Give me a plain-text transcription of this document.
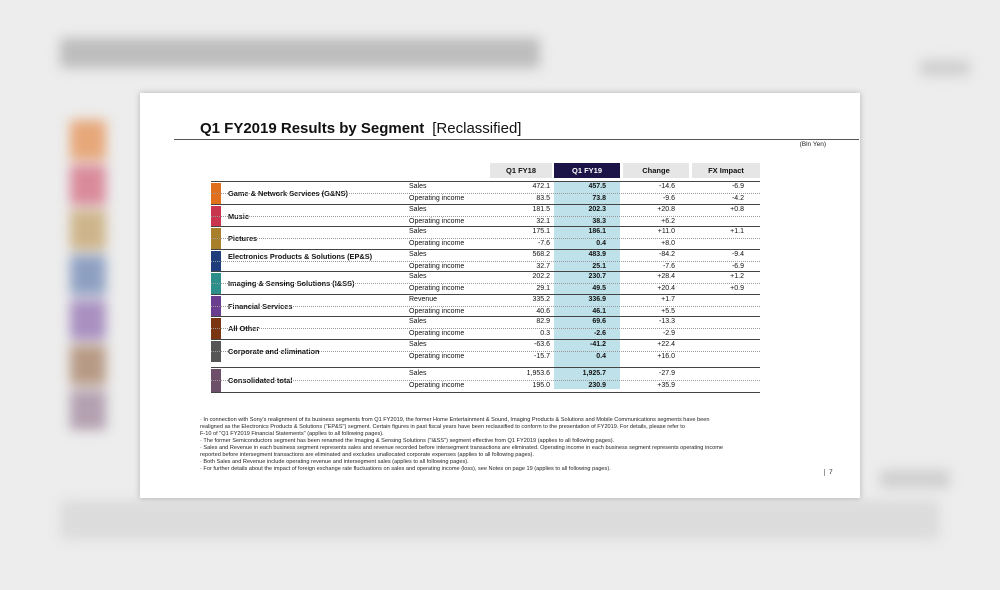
Q1 FY2019 Results by Segment [Reclassified]
(Bln Yen)
Q1 FY18	Q1 FY19	Change	FX Impact
Game & Network Services (G&NS)
Sales	472.1	457.5	-14.6	-6.9
Operating income	83.5	73.8	-9.6	-4.2
Music
Sales	181.5	202.3	+20.8	+0.8
Operating income	32.1	38.3	+6.2
Pictures
Sales	175.1	186.1	+11.0	+1.1
Operating income	-7.6	0.4	+8.0
Electronics Products & Solutions (EP&S)	Sales	568.2	483.9	-84.2	-9.4
Operating income	32.7	25.1	-7.6	-6.9
Imaging & Sensing Solutions (I&SS)
Sales	202.2	230.7	+28.4	+1.2
Operating income	29.1	49.5	+20.4	+0.9
Financial Services
Revenue	335.2	336.9	+1.7
Operating income	40.6	46.1	+5.5
All Other
Sales	82.9	69.6	-13.3
Operating income	0.3	-2.6	-2.9
Corporate and elimination
Sales	-63.6	-41.2	+22.4
Operating income	-15.7	0.4	+16.0
Consolidated total
Sales	1,953.6	1,925.7	-27.9
Operating income	195.0	230.9	+35.9
· In connection with Sony's realignment of its business segments from Q1 FY2019, the former Home Entertainment & Sound, Imaging Products & Solutions and Mobile Communications segments have been
realigned as the Electronics Products & Solutions ("EP&S") segment. Certain figures in past fiscal years have been reclassified to conform to the presentation of FY2019. For details, please refer to
F-10 of "Q1 FY2019 Financial Statements" (applies to all following pages).
· The former Semiconductors segment has been renamed the Imaging & Sensing Solutions ("I&SS") segment effective from Q1 FY2019 (applies to all following pages).
· Sales and Revenue in each business segment represents sales and revenue recorded before intersegment transactions are eliminated. Operating income in each business segment represents operating income
reported before intersegment transactions are eliminated and excludes unallocated corporate expenses (applies to all following pages).
· Both Sales and Revenue include operating revenue and intersegment sales (applies to all following pages).
· For further details about the impact of foreign exchange rate fluctuations on sales and operating income (loss), see Notes on page 19 (applies to all following pages).	7
